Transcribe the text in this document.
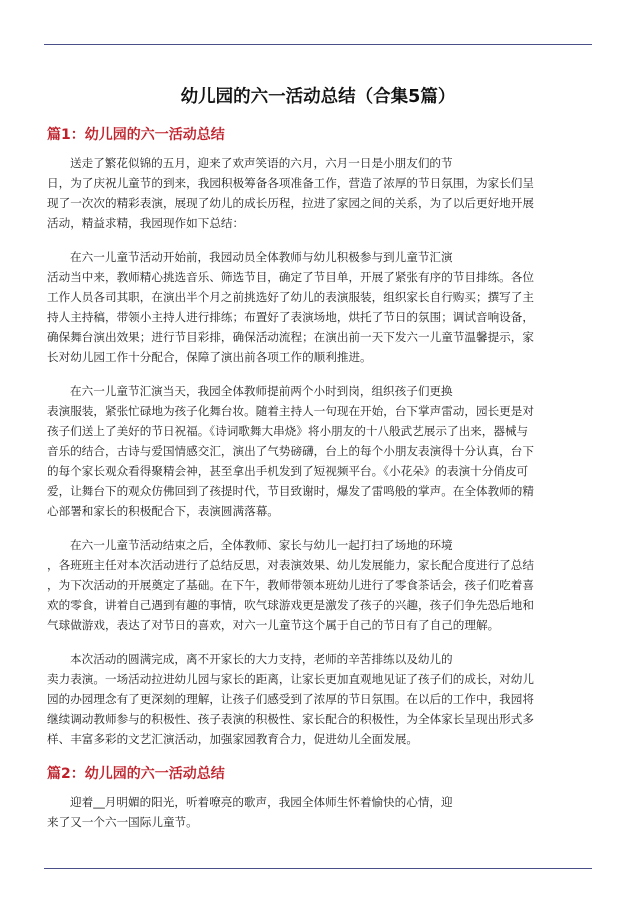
幼儿园的六一活动总结（合集5篇）
篇1：幼儿园的六一活动总结
送走了繁花似锦的五月，迎来了欢声笑语的六月，六月一日是小朋友们的节
日，为了庆祝儿童节的到来，我园积极筹备各项准备工作，营造了浓厚的节日氛围，为家长们呈
现了一次次的精彩表演，展现了幼儿的成长历程，拉进了家园之间的关系，为了以后更好地开展
活动，精益求精，我园现作如下总结：
在六一儿童节活动开始前，我园动员全体教师与幼儿积极参与到儿童节汇演
活动当中来，教师精心挑选音乐、筛选节目，确定了节目单，开展了紧张有序的节目排练。各位
工作人员各司其职，在演出半个月之前挑选好了幼儿的表演服装，组织家长自行购买；撰写了主
持人主持稿，带领小主持人进行排练；布置好了表演场地，烘托了节日的氛围；调试音响设备，
确保舞台演出效果；进行节目彩排，确保活动流程；在演出前一天下发六一儿童节温馨提示，家
长对幼儿园工作十分配合，保障了演出前各项工作的顺利推进。
在六一儿童节汇演当天，我园全体教师提前两个小时到岗，组织孩子们更换
表演服装，紧张忙碌地为孩子化舞台妆。随着主持人一句现在开始，台下掌声雷动，园长更是对
孩子们送上了美好的节日祝福。《诗词歌舞大串烧》将小朋友的十八般武艺展示了出来，器械与
音乐的结合，古诗与爱国情感交汇，演出了气势磅礴，台上的每个小朋友表演得十分认真，台下
的每个家长观众看得聚精会神，甚至拿出手机发到了短视频平台。《小花朵》的表演十分俏皮可
爱，让舞台下的观众仿佛回到了孩提时代，节目致谢时，爆发了雷鸣般的掌声。在全体教师的精
心部署和家长的积极配合下，表演圆满落幕。
在六一儿童节活动结束之后，全体教师、家长与幼儿一起打扫了场地的环境
，各班班主任对本次活动进行了总结反思，对表演效果、幼儿发展能力，家长配合度进行了总结
，为下次活动的开展奠定了基础。在下午，教师带领本班幼儿进行了零食茶话会，孩子们吃着喜
欢的零食，讲着自己遇到有趣的事情，吹气球游戏更是激发了孩子的兴趣，孩子们争先恐后地和
气球做游戏，表达了对节日的喜欢，对六一儿童节这个属于自己的节日有了自己的理解。
本次活动的圆满完成，离不开家长的大力支持，老师的辛苦排练以及幼儿的
卖力表演。一场活动拉进幼儿园与家长的距离，让家长更加直观地见证了孩子们的成长，对幼儿
园的办园理念有了更深刻的理解，让孩子们感受到了浓厚的节日氛围。在以后的工作中，我园将
继续调动教师参与的积极性、孩子表演的积极性、家长配合的积极性，为全体家长呈现出形式多
样、丰富多彩的文艺汇演活动，加强家园教育合力，促进幼儿全面发展。
篇2：幼儿园的六一活动总结
迎着__月明媚的阳光，听着嘹亮的歌声，我园全体师生怀着愉快的心情，迎
来了又一个六一国际儿童节。
